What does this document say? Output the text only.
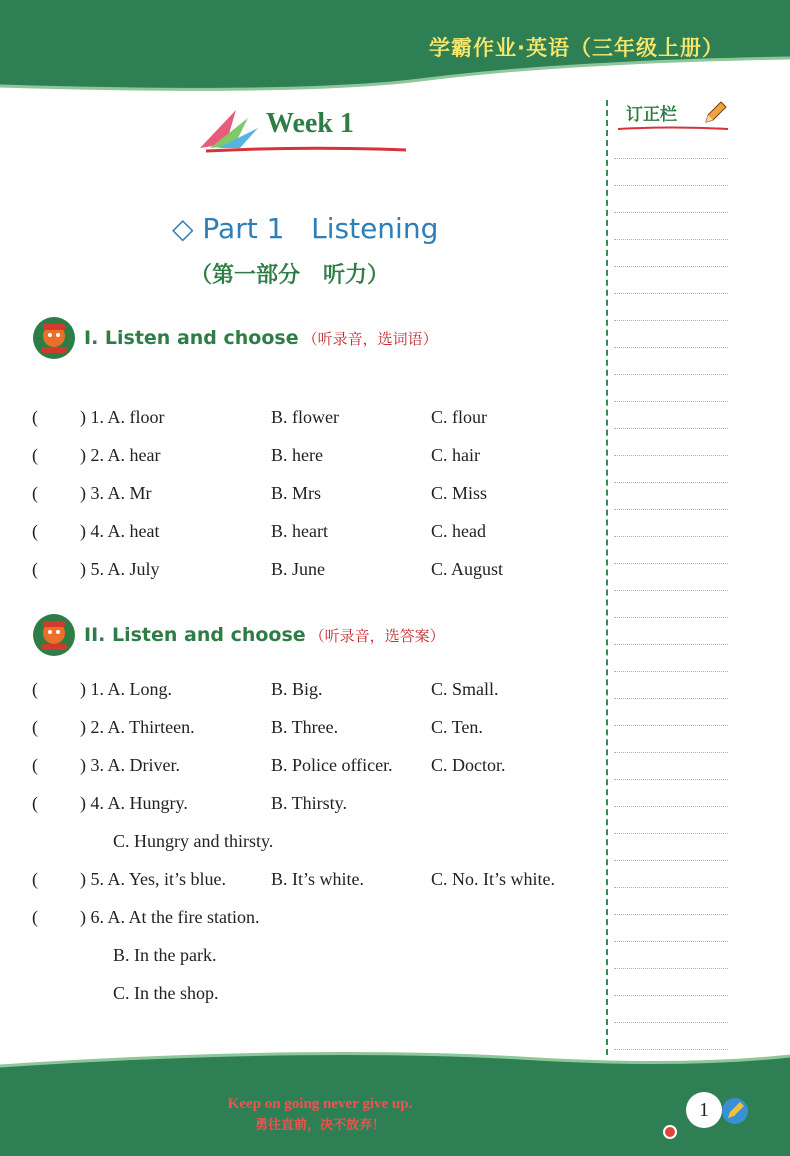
学霸作业·英语（三年级上册）
Week 1	订正栏
◇ Part 1   Listening
（第一部分   听力）
I. Listen and choose （听录音，选词语）
( ) 1. A. floor	B. flower	C. flour
( ) 2. A. hear	B. here	C. hair
( ) 3. A. Mr	B. Mrs	C. Miss
( ) 4. A. heat	B. heart	C. head
( ) 5. A. July	B. June	C. August
II. Listen and choose （听录音，选答案）
( ) 1. A. Long.	B. Big.	C. Small.
( ) 2. A. Thirteen.	B. Three.	C. Ten.
( ) 3. A. Driver.	B. Police officer. C. Doctor.
( ) 4. A. Hungry.	B. Thirsty.
C. Hungry and thirsty.
( ) 5. A. Yes, it’s blue. B. It’s white.	C. No. It’s white.
( ) 6. A. At the fire station.
B. In the park.
C. In the shop.
Keep on going never give up.
勇往直前，决不放弃！
1
